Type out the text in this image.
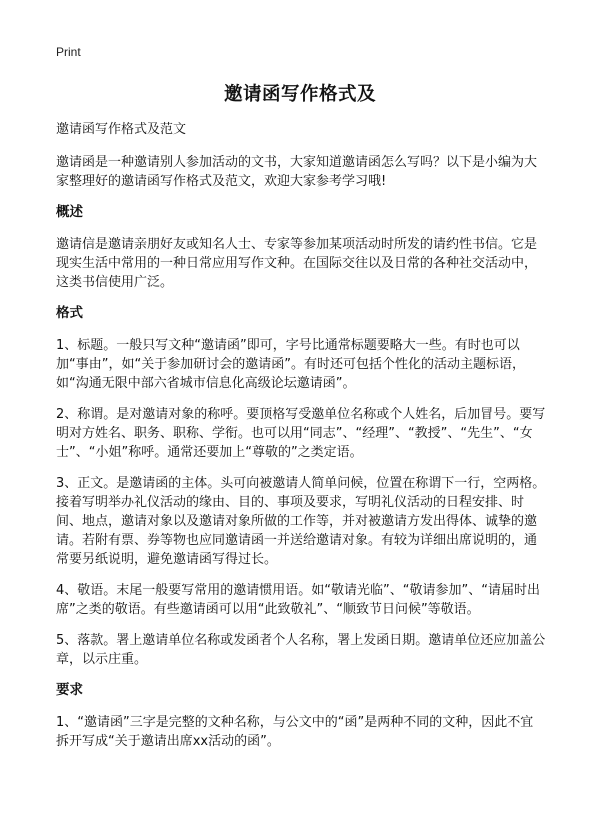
Print
邀请函写作格式及

邀请函写作格式及范文

邀请函是一种邀请别人参加活动的文书，大家知道邀请函怎么写吗？以下是小编为大家整理好的邀请函写作格式及范文，欢迎大家参考学习哦!

概述

邀请信是邀请亲朋好友或知名人士、专家等参加某项活动时所发的请约性书信。它是现实生活中常用的一种日常应用写作文种。在国际交往以及日常的各种社交活动中，这类书信使用广泛。

格式

1、标题。一般只写文种“邀请函”即可，字号比通常标题要略大一些。有时也可以加“事由”，如“关于参加研讨会的邀请函”。有时还可包括个性化的活动主题标语，如“沟通无限中部六省城市信息化高级论坛邀请函”。

2、称谓。是对邀请对象的称呼。要顶格写受邀单位名称或个人姓名，后加冒号。要写明对方姓名、职务、职称、学衔。也可以用“同志”、“经理”、“教授”、“先生”、“女士”、“小姐”称呼。通常还要加上“尊敬的”之类定语。

3、正文。是邀请函的主体。头可向被邀请人简单问候，位置在称谓下一行，空两格。接着写明举办礼仪活动的缘由、目的、事项及要求，写明礼仪活动的日程安排、时间、地点，邀请对象以及邀请对象所做的工作等，并对被邀请方发出得体、诚挚的邀请。若附有票、券等物也应同邀请函一并送给邀请对象。有较为详细出席说明的，通常要另纸说明，避免邀请函写得过长。

4、敬语。末尾一般要写常用的邀请惯用语。如“敬请光临”、“敬请参加”、“请届时出席”之类的敬语。有些邀请函可以用“此致敬礼”、“顺致节日问候”等敬语。

5、落款。署上邀请单位名称或发函者个人名称，署上发函日期。邀请单位还应加盖公章，以示庄重。

要求

1、“邀请函”三字是完整的文种名称，与公文中的“函”是两种不同的文种，因此不宜拆开写成“关于邀请出席xx活动的函”。
